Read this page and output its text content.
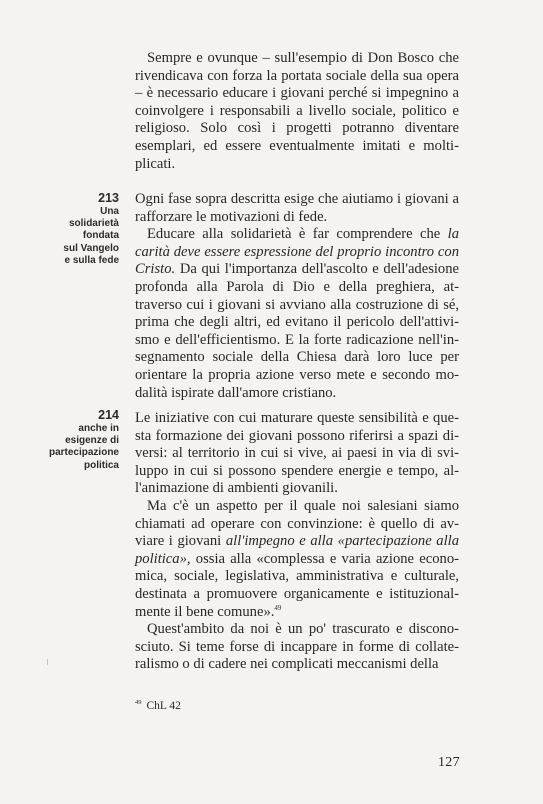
Sempre e ovunque – sull'esempio di Don Bosco che rivendicava con forza la portata sociale della sua opera – è necessario educare i giovani perché si impegnino a coinvolgere i responsabili a livello sociale, politico e religioso. Solo così i progetti potranno diventare esemplari, ed essere eventualmente imitati e moltiplicati.

213
Una
solidarietà
fondata
sul Vangelo
e sulla fede

Ogni fase sopra descritta esige che aiutiamo i giovani a rafforzare le motivazioni di fede.

Educare alla solidarietà è far comprendere che la carità deve essere espressione del proprio incontro con Cristo. Da qui l'importanza dell'ascolto e dell'adesione profonda alla Parola di Dio e della preghiera, attraverso cui i giovani si avviano alla costruzione di sé, prima che degli altri, ed evitano il pericolo dell'attivismo e dell'efficientismo. E la forte radicazione nell'insegnamento sociale della Chiesa darà loro luce per orientare la propria azione verso mete e secondo modalità ispirate dall'amore cristiano.

214
anche in
esigenze di
partecipazione
politica

Le iniziative con cui maturare queste sensibilità e questa formazione dei giovani possono riferirsi a spazi diversi: al territorio in cui si vive, ai paesi in via di sviluppo in cui si possono spendere energie e tempo, all'animazione di ambienti giovanili.

Ma c'è un aspetto per il quale noi salesiani siamo chiamati ad operare con convinzione: è quello di avviare i giovani all'impegno e alla «partecipazione alla politica», ossia alla «complessa e varia azione economica, sociale, legislativa, amministrativa e culturale, destinata a promuovere organicamente e istituzionalmente il bene comune».$^{49}$

Quest'ambito da noi è un po' trascurato e disconosciuto. Si teme forse di incappare in forme di collateralismo o di cadere nei complicati meccanismi della

$^{49}$ ChL 42
127
